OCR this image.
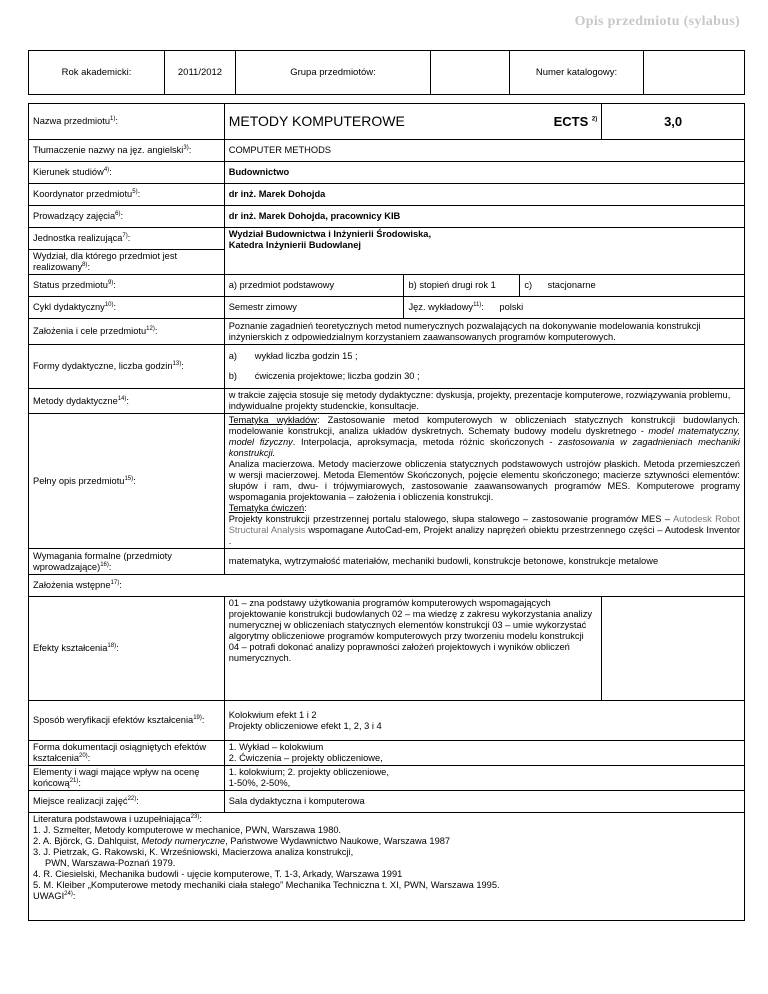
Opis przedmiotu (sylabus)
Rok akademicki:	2011/2012	Grupa przedmiotów:		Numer katalogowy:	
Nazwa przedmiotu$^{1)}$:	METODY KOMPUTEROWE	ECTS $^{2)}$	3,0
Tłumaczenie nazwy na jęz. angielski$^{3)}$:	COMPUTER METHODS
Kierunek studiów$^{4)}$:	Budownictwo
Koordynator przedmiotu$^{5)}$:	dr inż. Marek Dohojda
Prowadzący zajęcia$^{6)}$:	dr inż. Marek Dohojda, pracownicy KIB
Jednostka realizująca$^{7)}$:	Wydział Budownictwa i Inżynierii Środowiska,
Katedra Inżynierii Budowlanej

Wydział, dla którego przedmiot jest realizowany$^{8)}$:
Status przedmiotu$^{9)}$:	a) przedmiot podstawowy	b) stopień drugi rok 1	c) stacjonarne
Cykl dydaktyczny$^{10)}$:	Semestr zimowy	Jęz. wykładowy$^{11)}$:      polski
Założenia i cele przedmiotu$^{12)}$:	Poznanie zagadnień teoretycznych metod numerycznych pozwalających na dokonywanie modelowania konstrukcji inżynierskich z odpowiedzialnym korzystaniem zaawansowanych programów komputerowych.
Formy dydaktyczne, liczba godzin$^{13)}$:	
a)	wykład liczba godzin 15 ;
b)	ćwiczenia projektowe; liczba godzin 30 ;

Metody dydaktyczne$^{14)}$:	w trakcie zajęcia stosuje się metody dydaktyczne: dyskusja, projekty, prezentacje komputerowe, rozwiązywania problemu, indywidualne projekty studenckie, konsultacje.
Pełny opis przedmiotu$^{15)}$:	Tematyka wykładów: Zastosowanie metod komputerowych w obliczeniach statycznych konstrukcji budowlanych. modelowanie konstrukcji, analiza układów dyskretnych. Schematy budowy modelu dyskretnego - model matematyczny, model fizyczny. Interpolacja, aproksymacja, metoda różnic skończonych - zastosowania w zagadnieniach mechaniki konstrukcji.
Analiza macierzowa. Metody macierzowe obliczenia statycznych podstawowych ustrojów płaskich. Metoda przemieszczeń w wersji macierzowej. Metoda Elementów Skończonych, pojęcie elementu skończonego; macierze sztywności elementów: słupów i ram, dwu- i trójwymiarowych, zastosowanie zaawansowanych programów MES. Komputerowe programy wspomagania projektowania – założenia i obliczenia konstrukcji.
Tematyka ćwiczeń:
Projekty konstrukcji przestrzennej portalu stalowego, słupa stalowego – zastosowanie programów MES – Autodesk Robot Structural Analysis wspomagane AutoCad-em, Projekt analizy naprężeń obiektu przestrzennego części – Autodesk Inventor .

Wymagania formalne (przedmioty wprowadzające)$^{16)}$:	matematyka, wytrzymałość materiałów, mechaniki budowli, konstrukcje betonowe, konstrukcje metalowe
Założenia wstępne$^{17)}$:
Efekty kształcenia$^{18)}$:	01 – zna podstawy użytkowania programów komputerowych wspomagających projektowanie konstrukcji budowlanych 02 – ma wiedzę z zakresu wykorzystania analizy numerycznej w obliczeniach statycznych elementów konstrukcji 03 – umie wykorzystać algorytmy obliczeniowe programów komputerowych przy tworzeniu modelu konstrukcji 04 – potrafi dokonać analizy poprawności założeń projektowych i wyników obliczeń numerycznych.	
Sposób weryfikacji efektów kształcenia$^{19)}$:	
Kolokwium efekt 1 i 2
Projekty obliczeniowe efekt 1, 2, 3 i 4

Forma dokumentacji osiągniętych efektów kształcenia$^{20)}$:	
1. Wykład – kolokwium
2. Ćwiczenia – projekty obliczeniowe,

Elementy i wagi mające wpływ na ocenę końcową$^{21)}$:	
1. kolokwium; 2. projekty obliczeniowe,
1-50%, 2-50%,

Miejsce realizacji zajęć$^{22)}$:	Sala dydaktyczna i komputerowa

Literatura podstawowa i uzupełniająca$^{23)}$:
1. J. Szmelter, Metody komputerowe w mechanice, PWN, Warszawa 1980.
2. A. Björck, G. Dahlquist, Metody numeryczne, Państwowe Wydawnictwo Naukowe, Warszawa 1987
3. J. Pietrzak, G. Rakowski, K. Wrześniowski, Macierzowa analiza konstrukcji,
PWN, Warszawa-Poznań 1979.
4. R. Ciesielski, Mechanika budowli - ujęcie komputerowe, T. 1-3, Arkady, Warszawa 1991
5. M. Kleiber „Komputerowe metody mechaniki ciała stałego” Mechanika Techniczna t. XI, PWN, Warszawa 1995.
UWAGI$^{24)}$:
